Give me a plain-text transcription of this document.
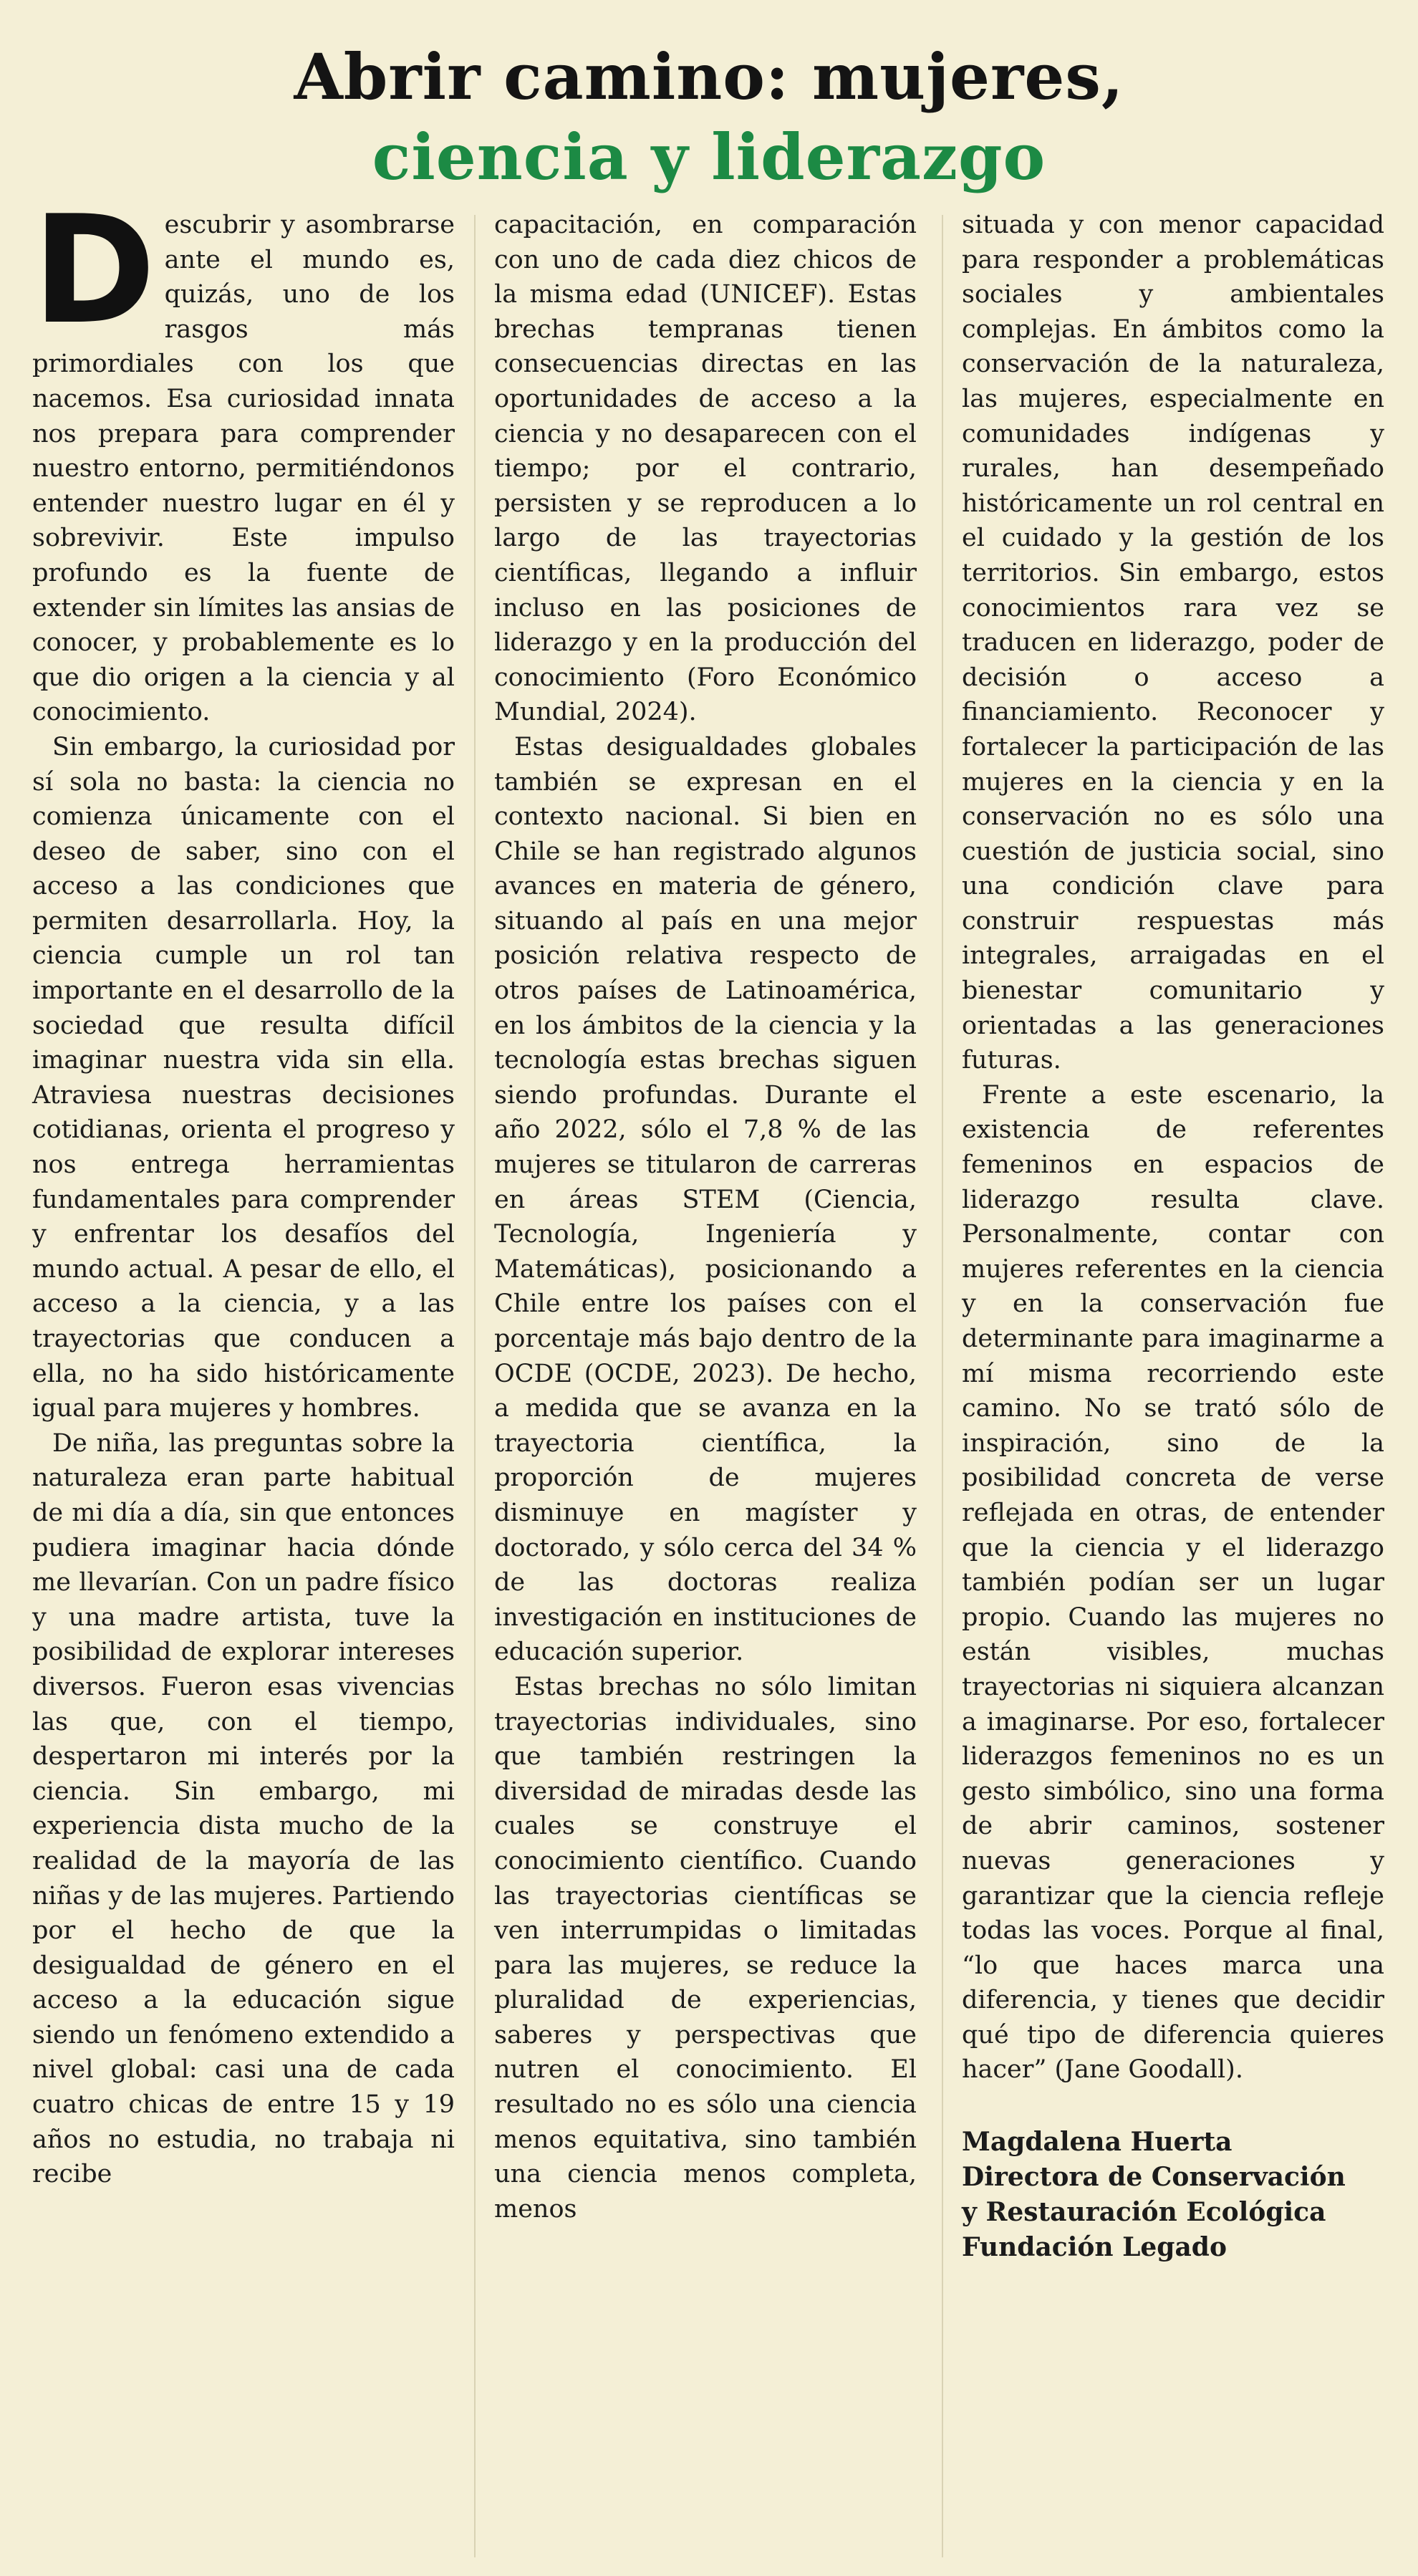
Abrir camino: mujeres,
ciencia y liderazgo

Descubrir y asombrarse ante el mundo es, quizás, uno de los rasgos más primordiales con los que nacemos. Esa curiosidad innata nos prepara para comprender nuestro entorno, permitiéndonos entender nuestro lugar en él y sobrevivir. Este impulso profundo es la fuente de extender sin límites las ansias de conocer, y probablemente es lo que dio origen a la ciencia y al conocimiento.

Sin embargo, la curiosidad por sí sola no basta: la ciencia no comienza únicamente con el deseo de saber, sino con el acceso a las condiciones que permiten desarrollarla. Hoy, la ciencia cumple un rol tan importante en el desarrollo de la sociedad que resulta difícil imaginar nuestra vida sin ella. Atraviesa nuestras decisiones cotidianas, orienta el progreso y nos entrega herramientas fundamentales para comprender y enfrentar los desafíos del mundo actual. A pesar de ello, el acceso a la ciencia, y a las trayectorias que conducen a ella, no ha sido históricamente igual para mujeres y hombres.

De niña, las preguntas sobre la naturaleza eran parte habitual de mi día a día, sin que entonces pudiera imaginar hacia dónde me llevarían. Con un padre físico y una madre artista, tuve la posibilidad de explorar intereses diversos. Fueron esas vivencias las que, con el tiempo, despertaron mi interés por la ciencia. Sin embargo, mi experiencia dista mucho de la realidad de la mayoría de las niñas y de las mujeres. Partiendo por el hecho de que la desigualdad de género en el acceso a la educación sigue siendo un fenómeno extendido a nivel global: casi una de cada cuatro chicas de entre 15 y 19 años no estudia, no trabaja ni recibe

capacitación, en comparación con uno de cada diez chicos de la misma edad (UNICEF). Estas brechas tempranas tienen consecuencias directas en las oportunidades de acceso a la ciencia y no desaparecen con el tiempo; por el contrario, persisten y se reproducen a lo largo de las trayectorias científicas, llegando a influir incluso en las posiciones de liderazgo y en la producción del conocimiento (Foro Económico Mundial, 2024).

Estas desigualdades globales también se expresan en el contexto nacional. Si bien en Chile se han registrado algunos avances en materia de género, situando al país en una mejor posición relativa respecto de otros países de Latinoamérica, en los ámbitos de la ciencia y la tecnología estas brechas siguen siendo profundas. Durante el año 2022, sólo el 7,8 % de las mujeres se titularon de carreras en áreas STEM (Ciencia, Tecnología, Ingeniería y Matemáticas), posicionando a Chile entre los países con el porcentaje más bajo dentro de la OCDE (OCDE, 2023). De hecho, a medida que se avanza en la trayectoria científica, la proporción de mujeres disminuye en magíster y doctorado, y sólo cerca del 34 % de las doctoras realiza investigación en instituciones de educación superior.

Estas brechas no sólo limitan trayectorias individuales, sino que también restringen la diversidad de miradas desde las cuales se construye el conocimiento científico. Cuando las trayectorias científicas se ven interrumpidas o limitadas para las mujeres, se reduce la pluralidad de experiencias, saberes y perspectivas que nutren el conocimiento. El resultado no es sólo una ciencia menos equitativa, sino también una ciencia menos completa, menos

situada y con menor capacidad para responder a problemáticas sociales y ambientales complejas. En ámbitos como la conservación de la naturaleza, las mujeres, especialmente en comunidades indígenas y rurales, han desempeñado históricamente un rol central en el cuidado y la gestión de los territorios. Sin embargo, estos conocimientos rara vez se traducen en liderazgo, poder de decisión o acceso a financiamiento. Reconocer y fortalecer la participación de las mujeres en la ciencia y en la conservación no es sólo una cuestión de justicia social, sino una condición clave para construir respuestas más integrales, arraigadas en el bienestar comunitario y orientadas a las generaciones futuras.

Frente a este escenario, la existencia de referentes femeninos en espacios de liderazgo resulta clave. Personalmente, contar con mujeres referentes en la ciencia y en la conservación fue determinante para imaginarme a mí misma recorriendo este camino. No se trató sólo de inspiración, sino de la posibilidad concreta de verse reflejada en otras, de entender que la ciencia y el liderazgo también podían ser un lugar propio. Cuando las mujeres no están visibles, muchas trayectorias ni siquiera alcanzan a imaginarse. Por eso, fortalecer liderazgos femeninos no es un gesto simbólico, sino una forma de abrir caminos, sostener nuevas generaciones y garantizar que la ciencia refleje todas las voces. Porque al final, “lo que haces marca una diferencia, y tienes que decidir qué tipo de diferencia quieres hacer” (Jane Goodall).

Magdalena Huerta
Directora de Conservación
y Restauración Ecológica
Fundación Legado
